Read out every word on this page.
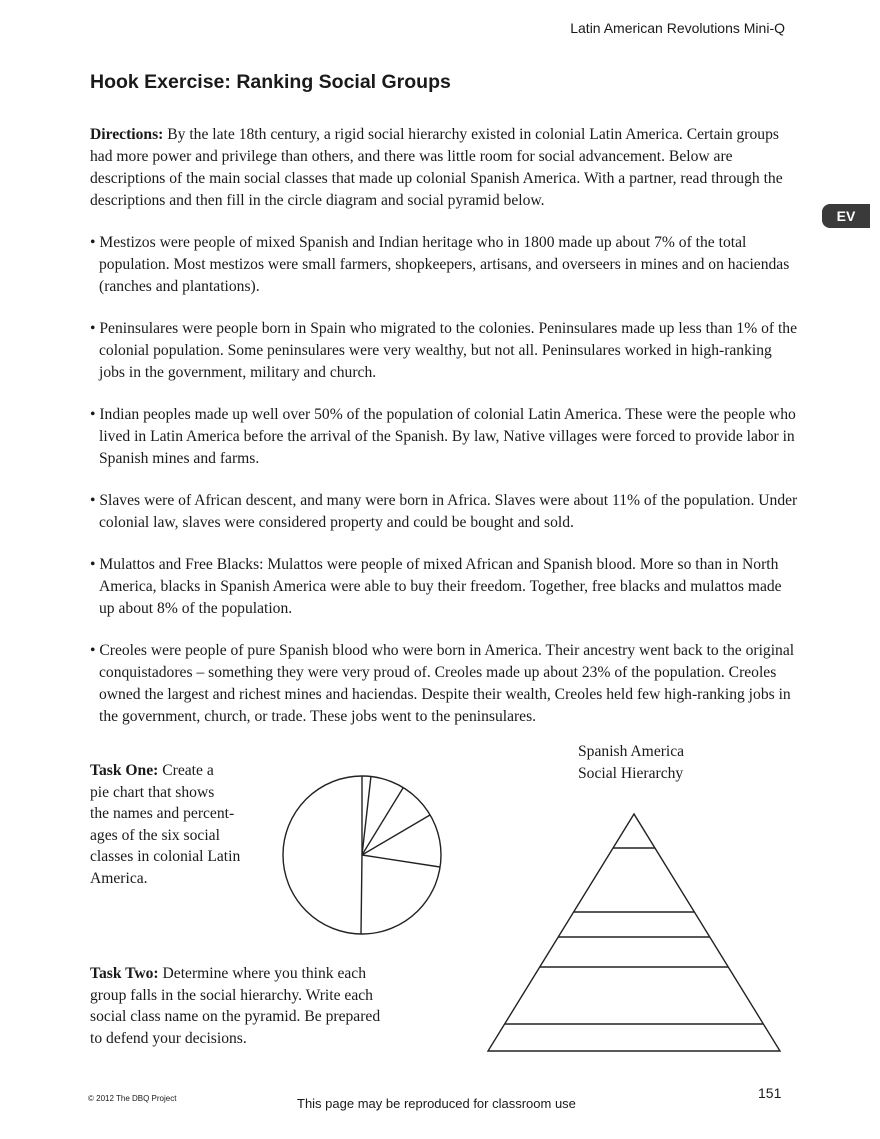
Latin American Revolutions Mini-Q
Hook Exercise: Ranking Social Groups
EV

Directions: By the late 18th century, a rigid social hierarchy existed in colonial Latin America. Certain groups had more power and privilege than others, and there was little room for social advancement. Below are descriptions of the main social classes that made up colonial Spanish America. With a partner, read through the descriptions and then fill in the circle diagram and social pyramid below.

• Mestizos were people of mixed Spanish and Indian heritage who in 1800 made up about 7% of the total population. Most mestizos were small farmers, shopkeepers, artisans, and overseers in mines and on haciendas (ranches and plantations).

• Peninsulares were people born in Spain who migrated to the colonies. Peninsulares made up less than 1% of the colonial population. Some peninsulares were very wealthy, but not all. Peninsulares worked in high-ranking jobs in the government, military and church.

• Indian peoples made up well over 50% of the population of colonial Latin America. These were the people who lived in Latin America before the arrival of the Spanish. By law, Native villages were forced to provide labor in Spanish mines and farms.

• Slaves were of African descent, and many were born in Africa. Slaves were about 11% of the population. Under colonial law, slaves were considered property and could be bought and sold.

• Mulattos and Free Blacks: Mulattos were people of mixed African and Spanish blood. More so than in North America, blacks in Spanish America were able to buy their freedom. Together, free blacks and mulattos made up about 8% of the population.

• Creoles were people of pure Spanish blood who were born in America. Their ancestry went back to the original conquistadores – something they were very proud of. Creoles made up about 23% of the population. Creoles owned the largest and richest mines and haciendas. Despite their wealth, Creoles held few high-ranking jobs in the government, church, or trade. These jobs went to the peninsulares.

Spanish America
Social Hierarchy
Task One: Create a
pie chart that shows
the names and percent-
ages of the six social
classes in colonial Latin
America.
Task Two: Determine where you think each
group falls in the social hierarchy. Write each
social class name on the pyramid. Be prepared
to defend your decisions.
© 2012 The DBQ Project	This page may be reproduced for classroom use
151
